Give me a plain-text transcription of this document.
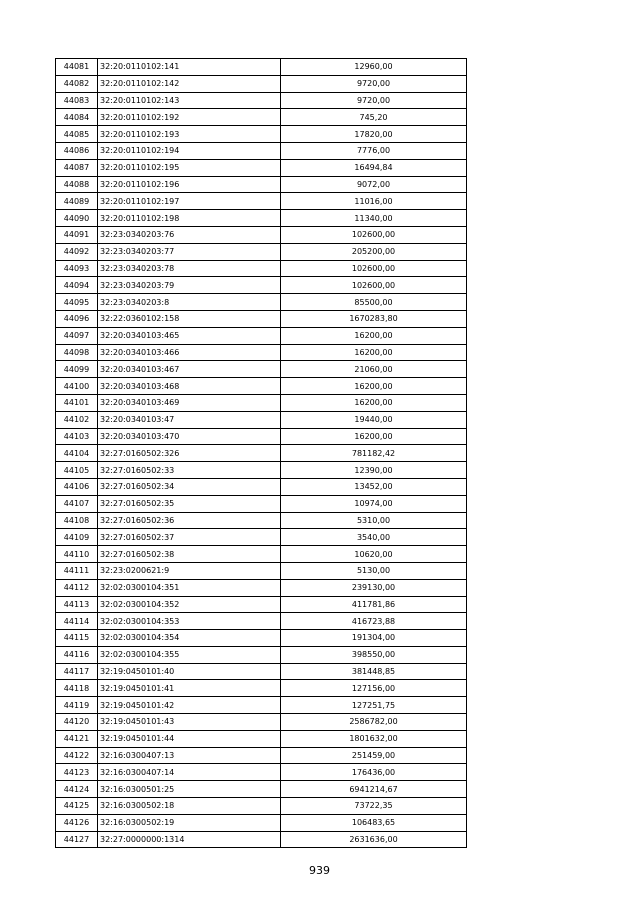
44081	32:20:0110102:141	12960,00
44082	32:20:0110102:142	9720,00
44083	32:20:0110102:143	9720,00
44084	32:20:0110102:192	745,20
44085	32:20:0110102:193	17820,00
44086	32:20:0110102:194	7776,00
44087	32:20:0110102:195	16494,84
44088	32:20:0110102:196	9072,00
44089	32:20:0110102:197	11016,00
44090	32:20:0110102:198	11340,00
44091	32:23:0340203:76	102600,00
44092	32:23:0340203:77	205200,00
44093	32:23:0340203:78	102600,00
44094	32:23:0340203:79	102600,00
44095	32:23:0340203:8	85500,00
44096	32:22:0360102:158	1670283,80
44097	32:20:0340103:465	16200,00
44098	32:20:0340103:466	16200,00
44099	32:20:0340103:467	21060,00
44100	32:20:0340103:468	16200,00
44101	32:20:0340103:469	16200,00
44102	32:20:0340103:47	19440,00
44103	32:20:0340103:470	16200,00
44104	32:27:0160502:326	781182,42
44105	32:27:0160502:33	12390,00
44106	32:27:0160502:34	13452,00
44107	32:27:0160502:35	10974,00
44108	32:27:0160502:36	5310,00
44109	32:27:0160502:37	3540,00
44110	32:27:0160502:38	10620,00
44111	32:23:0200621:9	5130,00
44112	32:02:0300104:351	239130,00
44113	32:02:0300104:352	411781,86
44114	32:02:0300104:353	416723,88
44115	32:02:0300104:354	191304,00
44116	32:02:0300104:355	398550,00
44117	32:19:0450101:40	381448,85
44118	32:19:0450101:41	127156,00
44119	32:19:0450101:42	127251,75
44120	32:19:0450101:43	2586782,00
44121	32:19:0450101:44	1801632,00
44122	32:16:0300407:13	251459,00
44123	32:16:0300407:14	176436,00
44124	32:16:0300501:25	6941214,67
44125	32:16:0300502:18	73722,35
44126	32:16:0300502:19	106483,65
44127	32:27:0000000:1314	2631636,00
939
